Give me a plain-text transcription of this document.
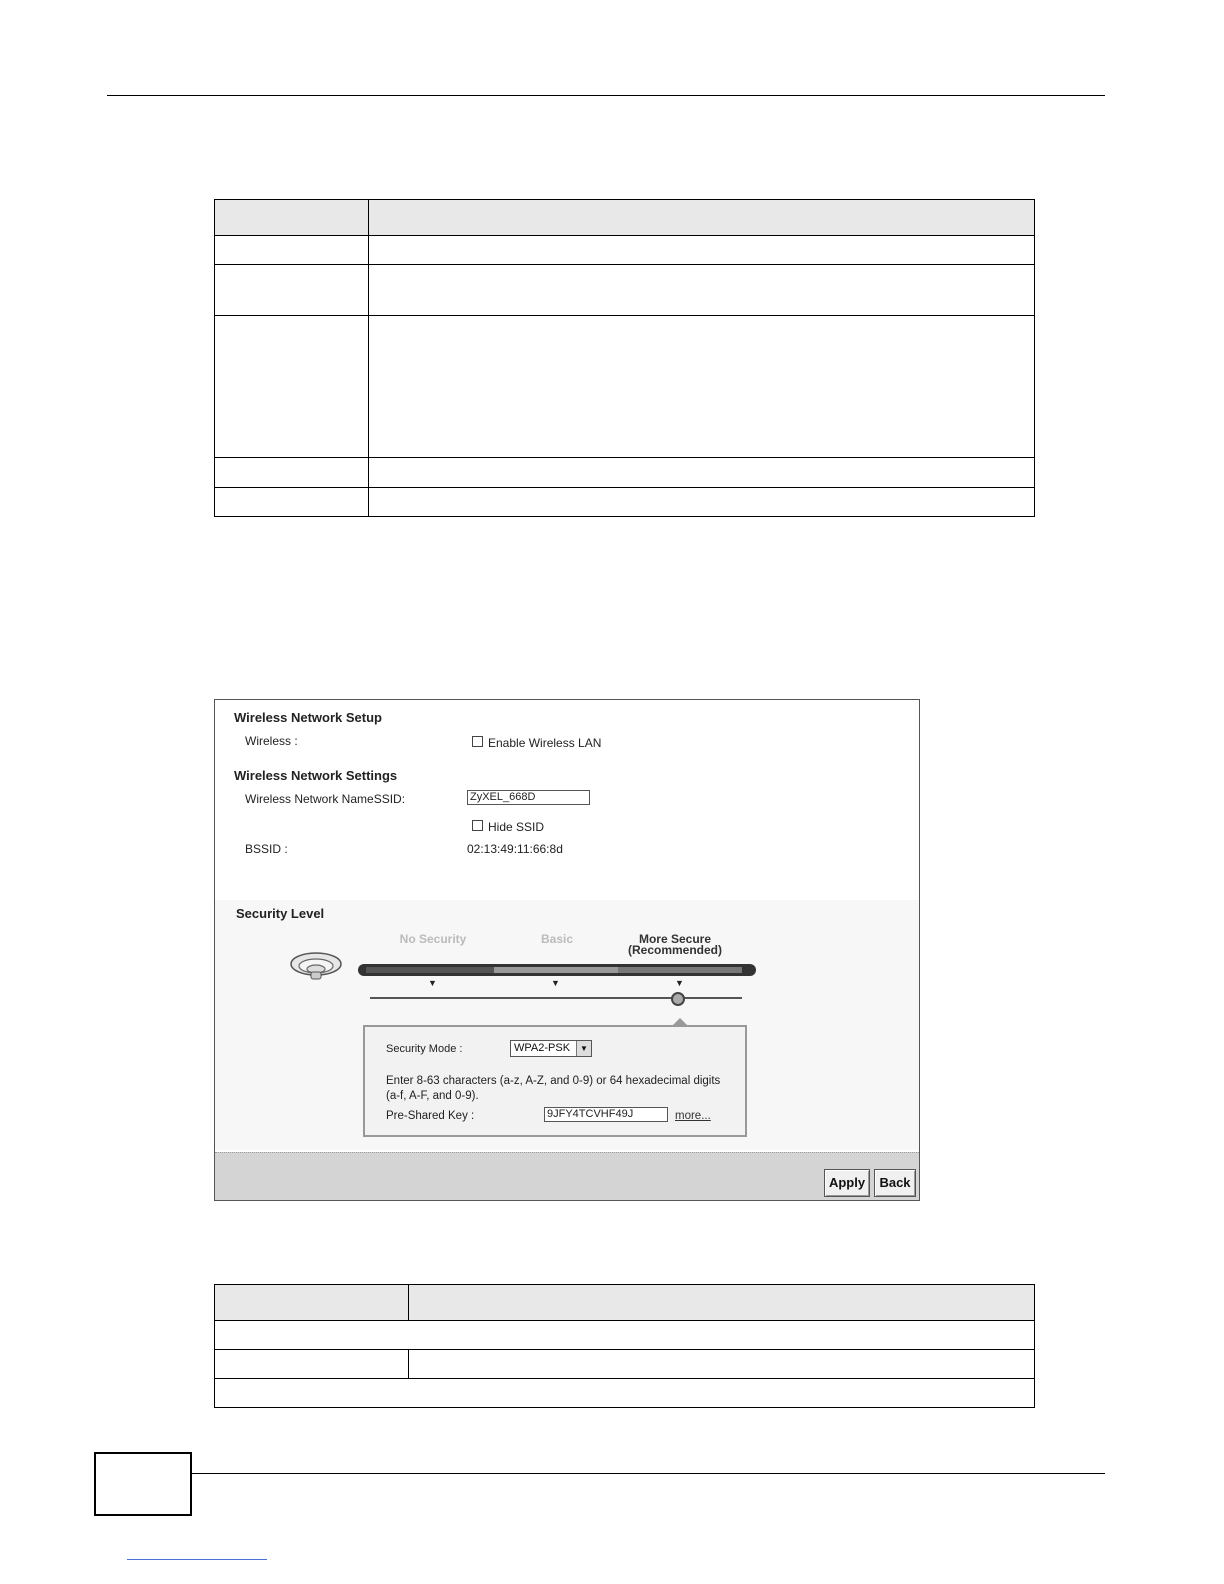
Wireless Network Setup
Wireless :	Enable Wireless LAN
Wireless Network Settings
Wireless Network NameSSID:
ZyXEL_668D
Hide SSID
BSSID :	02:13:49:11:66:8d
Security Level
No Security	Basic	More Secure
(Recommended)
▼	▼	▼
Security Mode :	WPA2-PSK	▼
Enter 8-63 characters (a-z, A-Z, and 0-9) or 64 hexadecimal digits
(a-f, A-F, and 0-9).
Pre-Shared Key :
9JFY4TCVHF49J	more...
Apply	Back
